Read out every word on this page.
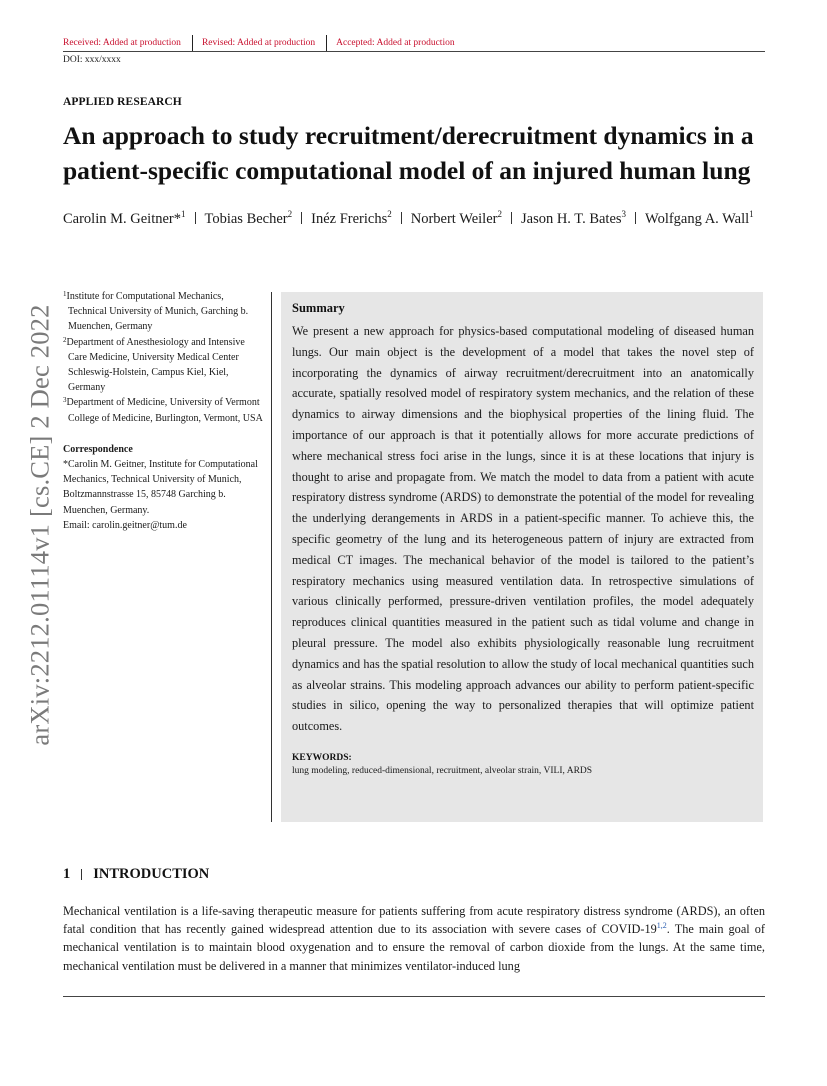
Received: Added at production	Revised: Added at production	Accepted: Added at production
DOI: xxx/xxxx
APPLIED RESEARCH
An approach to study recruitment/derecruitment dynamics in a patient-specific computational model of an injured human lung
Carolin M. Geitner*$^1$ Tobias Becher$^2$ Inéz Frerichs$^2$ Norbert Weiler$^2$ Jason H. T. Bates$^3$ Wolfgang A. Wall$^1$
arXiv:2212.01114v1 [cs.CE] 2 Dec 2022
$^1$Institute for Computational Mechanics, Technical University of Munich, Garching b. Muenchen, Germany
$^2$Department of Anesthesiology and Intensive Care Medicine, University Medical Center Schleswig-Holstein, Campus Kiel, Kiel, Germany
$^3$Department of Medicine, University of Vermont College of Medicine, Burlington, Vermont, USA
Correspondence
*Carolin M. Geitner, Institute for Computational Mechanics, Technical University of Munich, Boltzmannstrasse 15, 85748 Garching b. Muenchen, Germany.
Email: carolin.geitner@tum.de
Summary
We present a new approach for physics-based computational modeling of diseased human lungs. Our main object is the development of a model that takes the novel step of incorporating the dynamics of airway recruitment/derecruitment into an anatomically accurate, spatially resolved model of respiratory system mechanics, and the relation of these dynamics to airway dimensions and the biophysical properties of the lining fluid. The importance of our approach is that it potentially allows for more accurate predictions of where mechanical stress foci arise in the lungs, since it is at these locations that injury is thought to arise and propagate from. We match the model to data from a patient with acute respiratory distress syndrome (ARDS) to demonstrate the potential of the model for revealing the underlying derangements in ARDS in a patient-specific manner. To achieve this, the specific geometry of the lung and its heterogeneous pattern of injury are extracted from medical CT images. The mechanical behavior of the model is tailored to the patient’s respiratory mechanics using measured ventilation data. In retrospective simulations of various clinically performed, pressure-driven ventilation profiles, the model adequately reproduces clinical quantities measured in the patient such as tidal volume and change in pleural pressure. The model also exhibits physiologically reasonable lung recruitment dynamics and has the spatial resolution to allow the study of local mechanical quantities such as alveolar strains. This modeling approach advances our ability to perform patient-specific studies in silico, opening the way to personalized therapies that will optimize patient outcomes.
KEYWORDS:
lung modeling, reduced-dimensional, recruitment, alveolar strain, VILI, ARDS
1 INTRODUCTION
Mechanical ventilation is a life-saving therapeutic measure for patients suffering from acute respiratory distress syndrome (ARDS), an often fatal condition that has recently gained widespread attention due to its association with severe cases of COVID-19$^{1,2}$. The main goal of mechanical ventilation is to maintain blood oxygenation and to ensure the removal of carbon dioxide from the lungs. At the same time, mechanical ventilation must be delivered in a manner that minimizes ventilator-induced lung
